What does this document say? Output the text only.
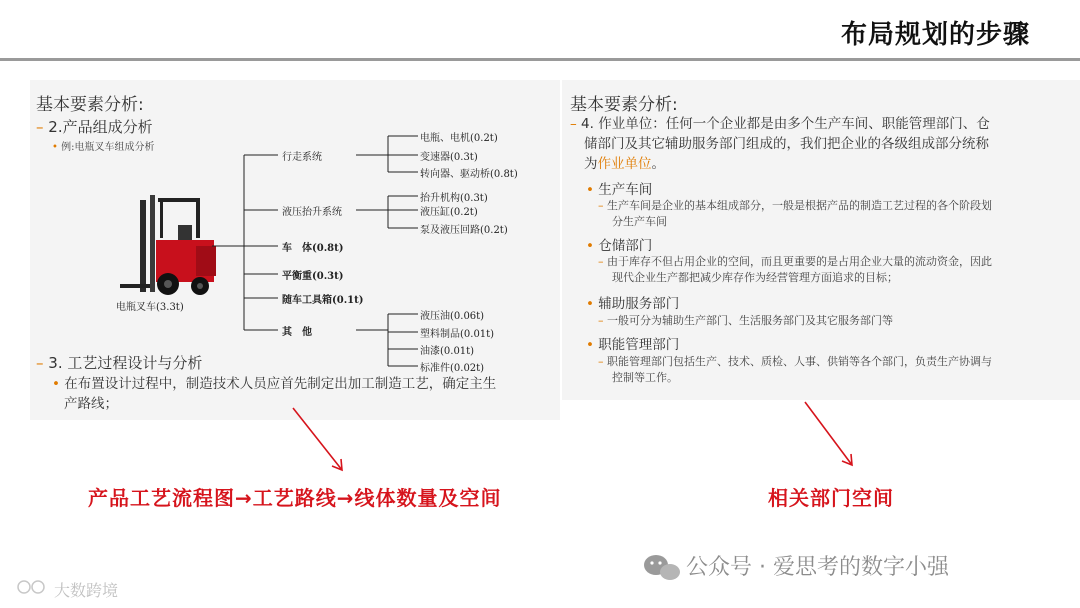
布局规划的步骤
基本要素分析:
– 2.产品组成分析
• 例:电瓶叉车组成分析
电瓶叉车(3.3t)
行走系统
电瓶、电机(0.2t)
变速器(0.3t)
转向器、驱动桥(0.8t)
液压抬升系统
抬升机构(0.3t)
液压缸(0.2t)
泵及液压回路(0.2t)
车　体(0.8t)
平衡重(0.3t)
随车工具箱(0.1t)
其　他
液压油(0.06t)
塑料制品(0.01t)
油漆(0.01t)
标准件(0.02t)
– 3. 工艺过程设计与分析
• 在布置设计过程中，制造技术人员应首先制定出加工制造工艺，确定主生
产路线；
基本要素分析:
– 4. 作业单位：任何一个企业都是由多个生产车间、职能管理部门、仓
储部门及其它辅助服务部门组成的，我们把企业的各级组成部分统称
为作业单位。
• 生产车间
– 生产车间是企业的基本组成部分，一般是根据产品的制造工艺过程的各个阶段划
分生产车间
• 仓储部门
– 由于库存不但占用企业的空间，而且更重要的是占用企业大量的流动资金，因此
现代企业生产都把减少库存作为经营管理方面追求的目标；
• 辅助服务部门
– 一般可分为辅助生产部门、生活服务部门及其它服务部门等
• 职能管理部门
– 职能管理部门包括生产、技术、质检、人事、供销等各个部门，负责生产协调与
控制等工作。
产品工艺流程图→工艺路线→线体数量及空间	相关部门空间
公众号 · 爱思考的数字小强
大数跨境
